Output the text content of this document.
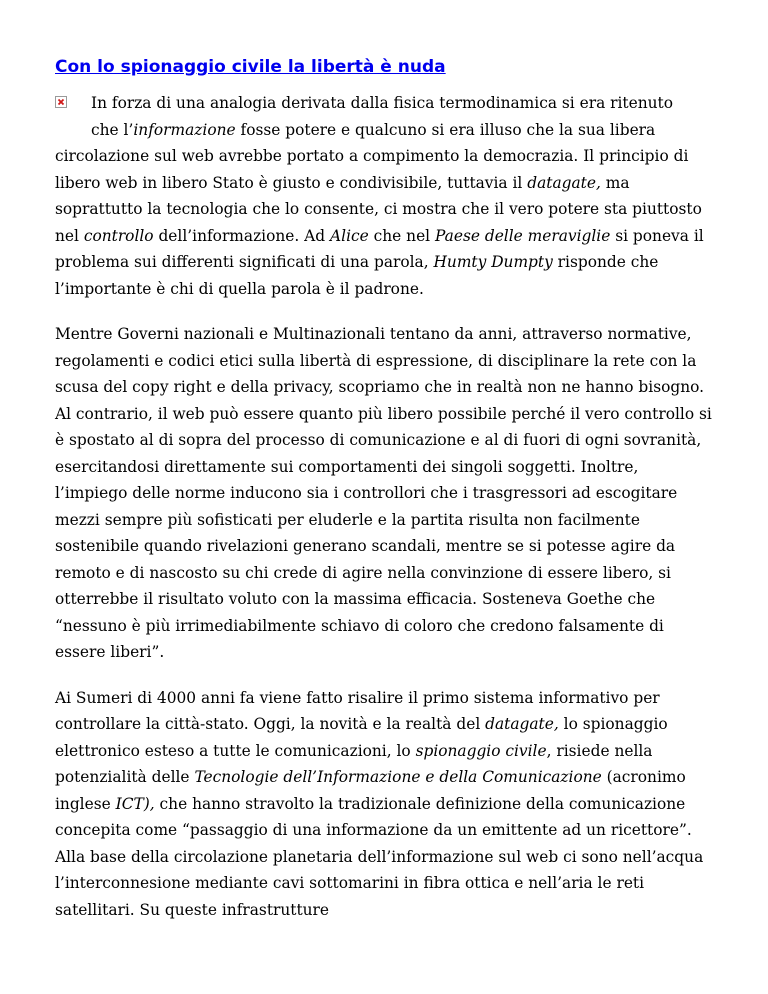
Con lo spionaggio civile la libertà è nuda

In forza di una analogia derivata dalla fisica termodinamica si era ritenuto
che l’informazione fosse potere e qualcuno si era illuso che la sua libera circolazione sul web avrebbe portato a compimento la democrazia. Il principio di libero web in libero Stato è giusto e condivisibile, tuttavia il datagate, ma soprattutto la tecnologia che lo consente, ci mostra che il vero potere sta piuttosto nel controllo dell’informazione. Ad Alice che nel Paese delle meraviglie si poneva il problema sui differenti significati di una parola, Humty Dumpty risponde che l’importante è chi di quella parola è il padrone.

Mentre Governi nazionali e Multinazionali tentano da anni, attraverso normative, regolamenti e codici etici sulla libertà di espressione, di disciplinare la rete con la scusa del copy right e della privacy, scopriamo che in realtà non ne hanno bisogno. Al contrario, il web può essere quanto più libero possibile perché il vero controllo si è spostato al di sopra del processo di comunicazione e al di fuori di ogni sovranità, esercitandosi direttamente sui comportamenti dei singoli soggetti. Inoltre, l’impiego delle norme inducono sia i controllori che i trasgressori ad escogitare mezzi sempre più sofisticati per eluderle e la partita risulta non facilmente sostenibile quando rivelazioni generano scandali, mentre se si potesse agire da remoto e di nascosto su chi crede di agire nella convinzione di essere libero, si otterrebbe il risultato voluto con la massima efficacia. Sosteneva Goethe che “nessuno è più irrimediabilmente schiavo di coloro che credono falsamente di essere liberi”.

Ai Sumeri di 4000 anni fa viene fatto risalire il primo sistema informativo per controllare la città-stato. Oggi, la novità e la realtà del datagate, lo spionaggio elettronico esteso a tutte le comunicazioni, lo spionaggio civile, risiede nella potenzialità delle Tecnologie dell’Informazione e della Comunicazione (acronimo inglese ICT), che hanno stravolto la tradizionale definizione della comunicazione concepita come “passaggio di una informazione da un emittente ad un ricettore”. Alla base della circolazione planetaria dell’informazione sul web ci sono nell’acqua l’interconnesione mediante cavi sottomarini in fibra ottica e nell’aria le reti satellitari. Su queste infrastrutture
